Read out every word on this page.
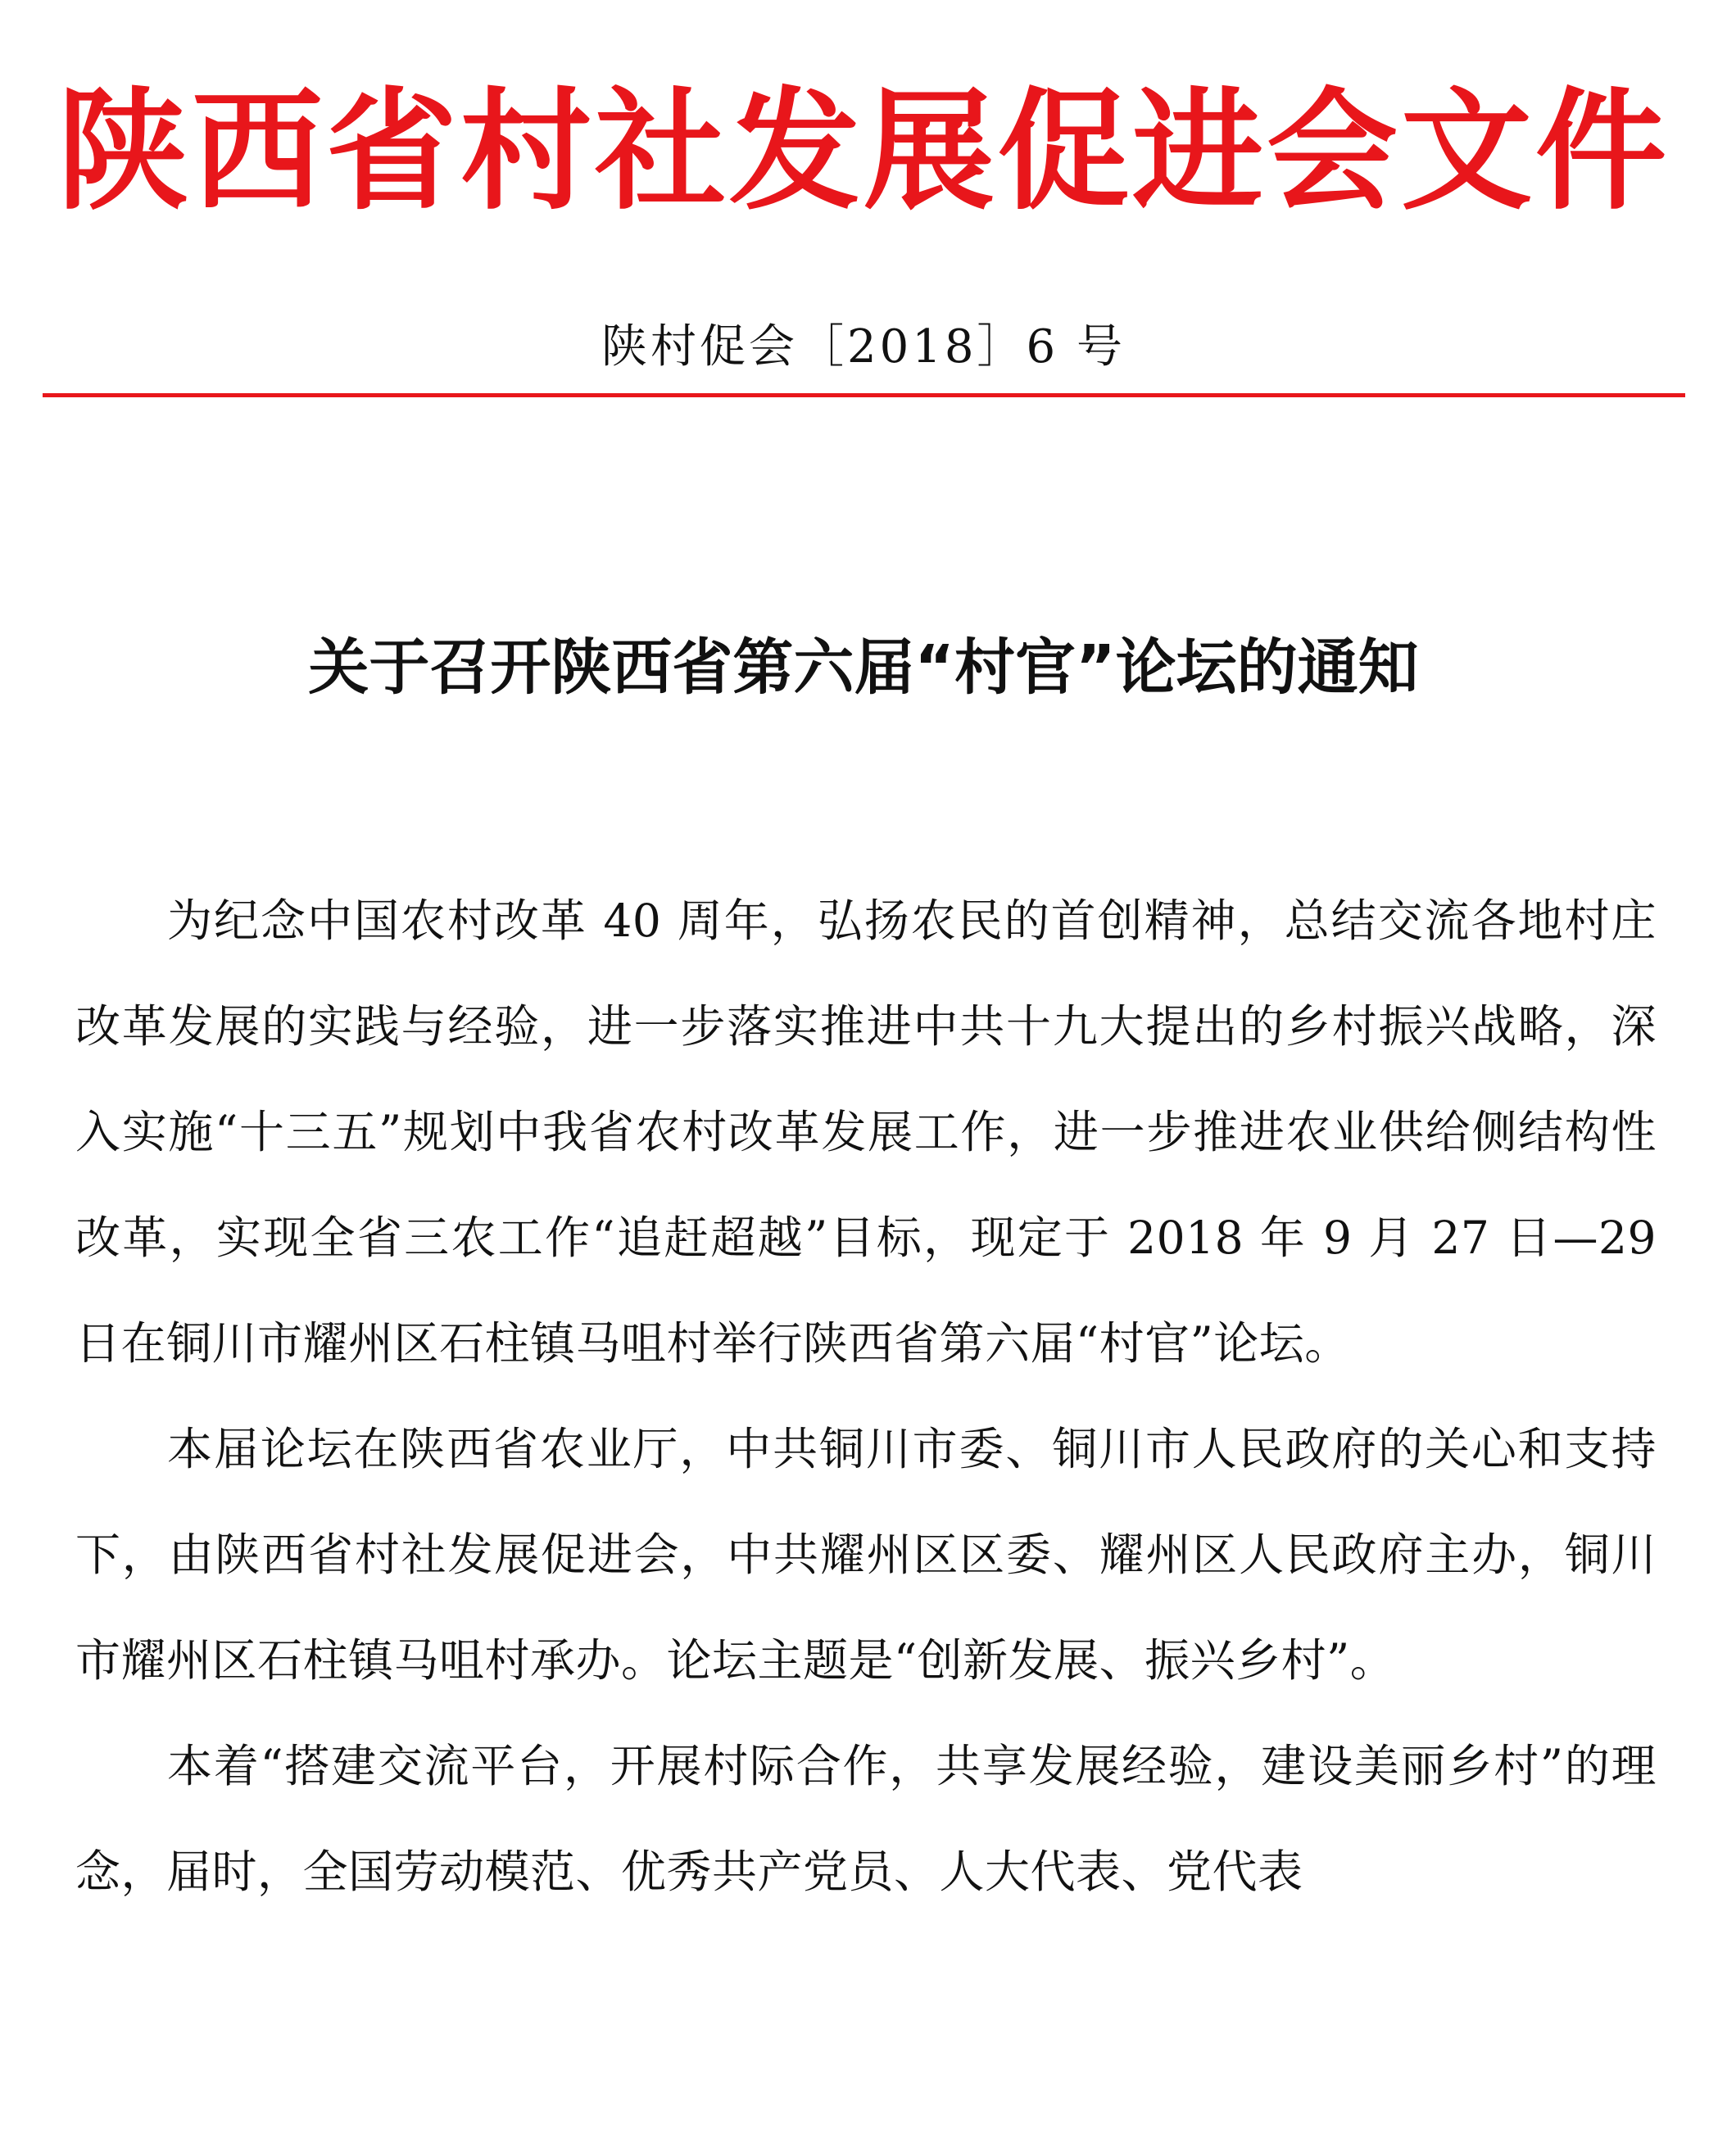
陕西省村社发展促进会文件
陕村促会［2018］6 号
关于召开陕西省第六届“村官”论坛的通知

为纪念中国农村改革 40 周年，弘扬农民的首创精神，总结交流各地村庄改革发展的实践与经验，进一步落实推进中共十九大提出的乡村振兴战略，深入实施“十三五”规划中我省农村改革发展工作，进一步推进农业供给侧结构性改革，实现全省三农工作“追赶超越”目标，现定于 2018 年 9 月 27 日—29 日在铜川市耀州区石柱镇马咀村举行陕西省第六届“村官”论坛。

本届论坛在陕西省农业厅，中共铜川市委、铜川市人民政府的关心和支持下，由陕西省村社发展促进会，中共耀州区区委、耀州区人民政府主办，铜川市耀州区石柱镇马咀村承办。论坛主题是“创新发展、振兴乡村”。

本着“搭建交流平台，开展村际合作，共享发展经验，建设美丽乡村”的理念，届时，全国劳动模范、优秀共产党员、人大代表、党代表
